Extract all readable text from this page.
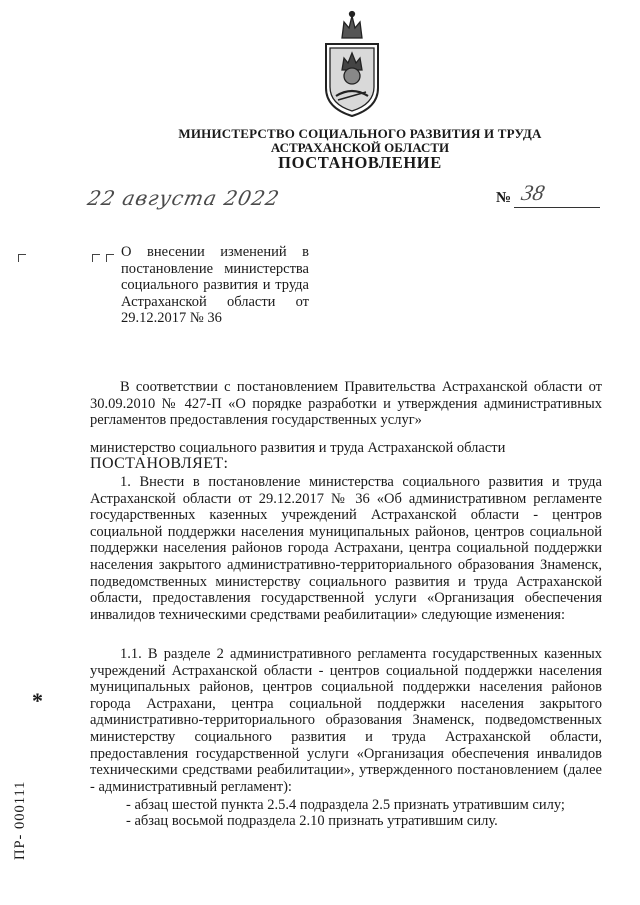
МИНИСТЕРСТВО СОЦИАЛЬНОГО РАЗВИТИЯ И ТРУДА
АСТРАХАНСКОЙ ОБЛАСТИ
ПОСТАНОВЛЕНИЕ
22 августа 2022	№ 38
О внесении изменений в постановление министерства социального развития и труда Астраханской области от 29.12.2017 № 36

В соответствии с постановлением Правительства Астраханской области от 30.09.2010 № 427-П «О порядке разработки и утверждения административных регламентов предоставления государственных услуг»

министерство социального развития и труда Астраханской области

ПОСТАНОВЛЯЕТ:

1. Внести в постановление министерства социального развития и труда Астраханской области от 29.12.2017 № 36 «Об административном регламенте государственных казенных учреждений Астраханской области - центров социальной поддержки населения муниципальных районов, центров социальной поддержки населения районов города Астрахани, центра социальной поддержки населения закрытого административно-территориального образования Знаменск, подведомственных министерству социального развития и труда Астраханской области, предоставления государственной услуги «Организация обеспечения инвалидов техническими средствами реабилитации» следующие изменения:

1.1. В разделе 2 административного регламента государственных казенных учреждений Астраханской области - центров социальной поддержки населения муниципальных районов, центров социальной поддержки населения районов города Астрахани, центра социальной поддержки населения закрытого административно-территориального образования Знаменск, подведомственных министерству социального развития и труда Астраханской области, предоставления государственной услуги «Организация обеспечения инвалидов техническими средствами реабилитации», утвержденного постановлением (далее - административный регламент):

- абзац шестой пункта 2.5.4 подраздела 2.5 признать утратившим силу;

- абзац восьмой подраздела 2.10 признать утратившим силу.

*
ПР- 000111
